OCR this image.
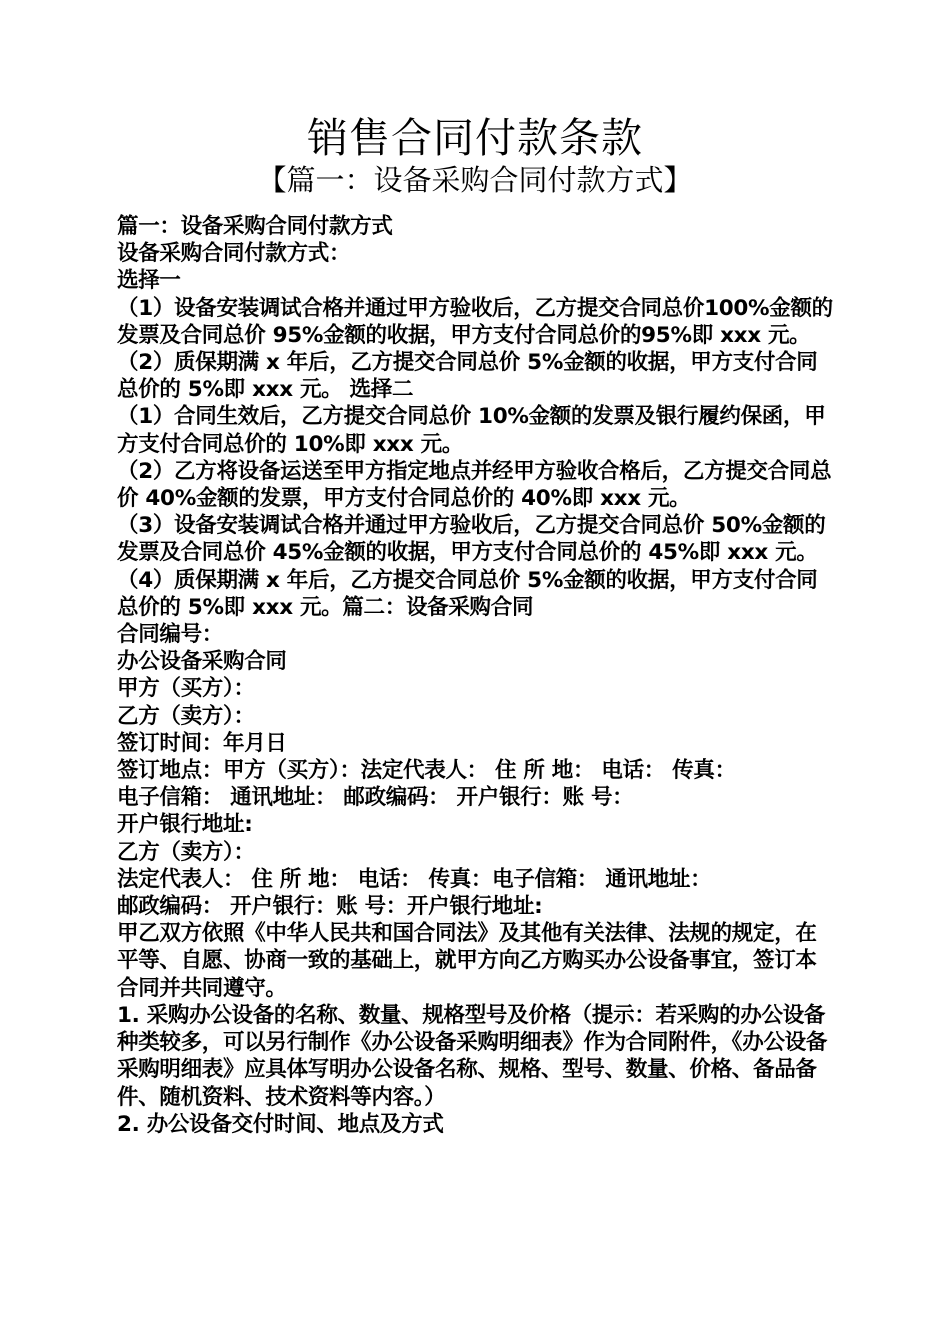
销售合同付款条款
【篇一：设备采购合同付款方式】

篇一：设备采购合同付款方式

设备采购合同付款方式：

选择一

（1）设备安装调试合格并通过甲方验收后，乙方提交合同总价100%金额的发票及合同总价 95%金额的收据，甲方支付合同总价的95%即 xxx 元。

（2）质保期满 x 年后，乙方提交合同总价 5%金额的收据，甲方支付合同总价的 5%即 xxx 元。 选择二

（1）合同生效后，乙方提交合同总价 10%金额的发票及银行履约保函，甲方支付合同总价的 10%即 xxx 元。

（2）乙方将设备运送至甲方指定地点并经甲方验收合格后，乙方提交合同总价 40%金额的发票，甲方支付合同总价的 40%即 xxx 元。

（3）设备安装调试合格并通过甲方验收后，乙方提交合同总价 50%金额的发票及合同总价 45%金额的收据，甲方支付合同总价的 45%即 xxx 元。

（4）质保期满 x 年后，乙方提交合同总价 5%金额的收据，甲方支付合同总价的 5%即 xxx 元。篇二：设备采购合同

合同编号：

办公设备采购合同

甲方（买方）：

乙方（卖方）：

签订时间：年月日

签订地点：甲方（买方）：法定代表人： 住 所 地： 电话： 传真：

电子信箱： 通讯地址： 邮政编码： 开户银行：账 号：

开户银行地址:

乙方（卖方）：

法定代表人： 住 所 地： 电话： 传真：电子信箱： 通讯地址：

邮政编码： 开户银行：账 号：开户银行地址:

甲乙双方依照《中华人民共和国合同法》及其他有关法律、法规的规定，在平等、自愿、协商一致的基础上，就甲方向乙方购买办公设备事宜，签订本合同并共同遵守。

1. 采购办公设备的名称、数量、规格型号及价格（提示：若采购的办公设备种类较多，可以另行制作《办公设备采购明细表》作为合同附件，《办公设备采购明细表》应具体写明办公设备名称、规格、型号、数量、价格、备品备件、随机资料、技术资料等内容。）

2. 办公设备交付时间、地点及方式
